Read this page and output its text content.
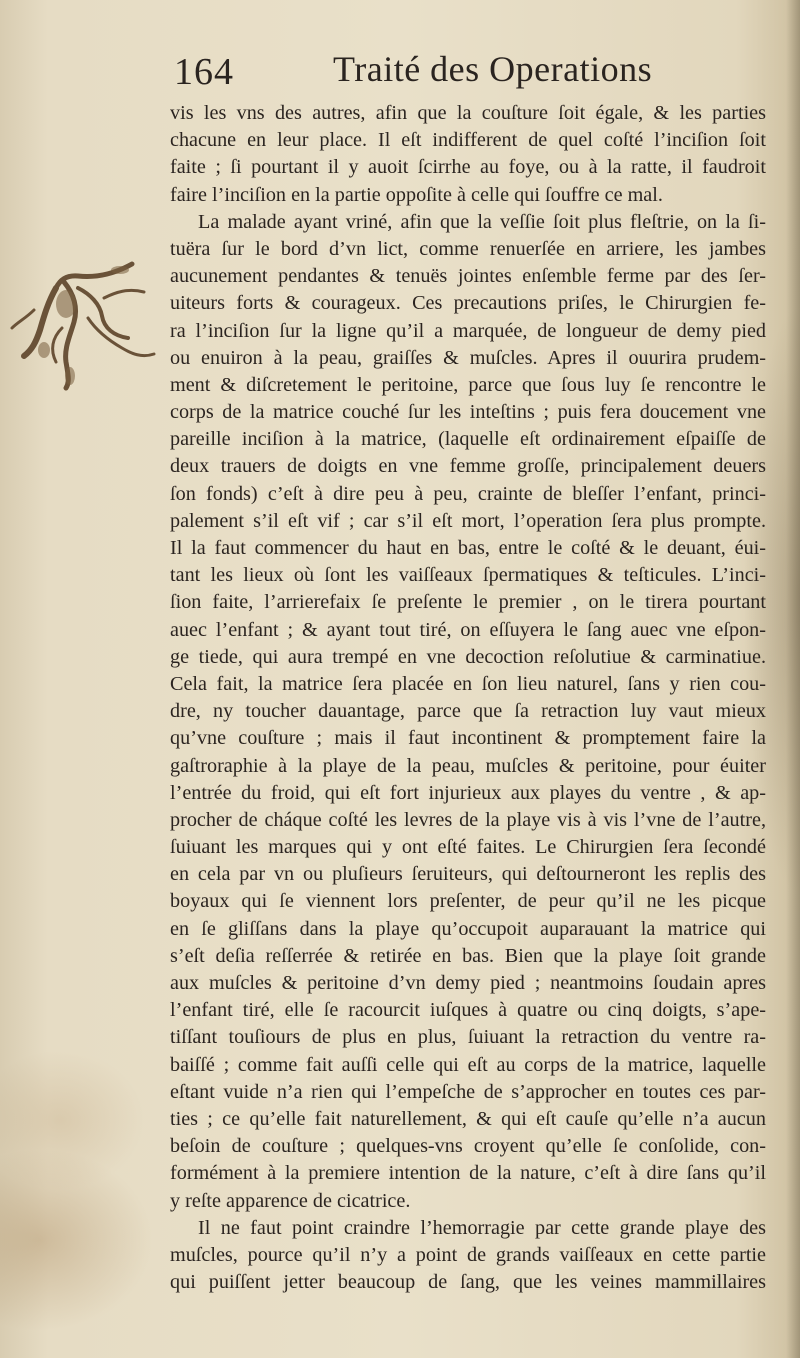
164	Traité des Operations
vis les vns des autres, afin que la couſture ſoit égale, & les parties
chacune en leur place. Il eſt indifferent de quel coſté l’inciſion ſoit
faite ; ſi pourtant il y auoit ſcirrhe au foye, ou à la ratte, il faudroit
faire l’inciſion en la partie oppoſite à celle qui ſouffre ce mal.
La malade ayant vriné, afin que la veſſie ſoit plus fleſtrie, on la ſi-
tuëra ſur le bord d’vn lict, comme renuerſée en arriere, les jambes
aucunement pendantes & tenuës jointes enſemble ferme par des ſer-
uiteurs forts & courageux. Ces precautions priſes, le Chirurgien fe-
ra l’inciſion ſur la ligne qu’il a marquée, de longueur de demy pied
ou enuiron à la peau, graiſſes & muſcles. Apres il ouurira prudem-
ment & diſcretement le peritoine, parce que ſous luy ſe rencontre le
corps de la matrice couché ſur les inteſtins ; puis fera doucement vne
pareille inciſion à la matrice, (laquelle eſt ordinairement eſpaiſſe de
deux trauers de doigts en vne femme groſſe, principalement deuers
ſon fonds) c’eſt à dire peu à peu, crainte de bleſſer l’enfant, princi-
palement s’il eſt vif ; car s’il eſt mort, l’operation ſera plus prompte.
Il la faut commencer du haut en bas, entre le coſté & le deuant, éui-
tant les lieux où ſont les vaiſſeaux ſpermatiques & teſticules. L’inci-
ſion faite, l’arrierefaix ſe preſente le premier , on le tirera pourtant
auec l’enfant ; & ayant tout tiré, on eſſuyera le ſang auec vne eſpon-
ge tiede, qui aura trempé en vne decoction reſolutiue & carminatiue.
Cela fait, la matrice ſera placée en ſon lieu naturel, ſans y rien cou-
dre, ny toucher dauantage, parce que ſa retraction luy vaut mieux
qu’vne couſture ; mais il faut incontinent & promptement faire la
gaſtroraphie à la playe de la peau, muſcles & peritoine, pour éuiter
l’entrée du froid, qui eſt fort injurieux aux playes du ventre , & ap-
procher de cháque coſté les levres de la playe vis à vis l’vne de l’autre,
ſuiuant les marques qui y ont eſté faites. Le Chirurgien ſera ſecondé
en cela par vn ou pluſieurs ſeruiteurs, qui deſtourneront les replis des
boyaux qui ſe viennent lors preſenter, de peur qu’il ne les picque
en ſe gliſſans dans la playe qu’occupoit auparauant la matrice qui
s’eſt deſia reſſerrée & retirée en bas. Bien que la playe ſoit grande
aux muſcles & peritoine d’vn demy pied ; neantmoins ſoudain apres
l’enfant tiré, elle ſe racourcit iuſques à quatre ou cinq doigts, s’ape-
tiſſant touſiours de plus en plus, ſuiuant la retraction du ventre ra-
baiſſé ; comme fait auſſi celle qui eſt au corps de la matrice, laquelle
eſtant vuide n’a rien qui l’empeſche de s’approcher en toutes ces par-
ties ; ce qu’elle fait naturellement, & qui eſt cauſe qu’elle n’a aucun
beſoin de couſture ; quelques-vns croyent qu’elle ſe conſolide, con-
formément à la premiere intention de la nature, c’eſt à dire ſans qu’il
y reſte apparence de cicatrice.
Il ne faut point craindre l’hemorragie par cette grande playe des
muſcles, pource qu’il n’y a point de grands vaiſſeaux en cette partie
qui puiſſent jetter beaucoup de ſang, que les veines mammillaires
